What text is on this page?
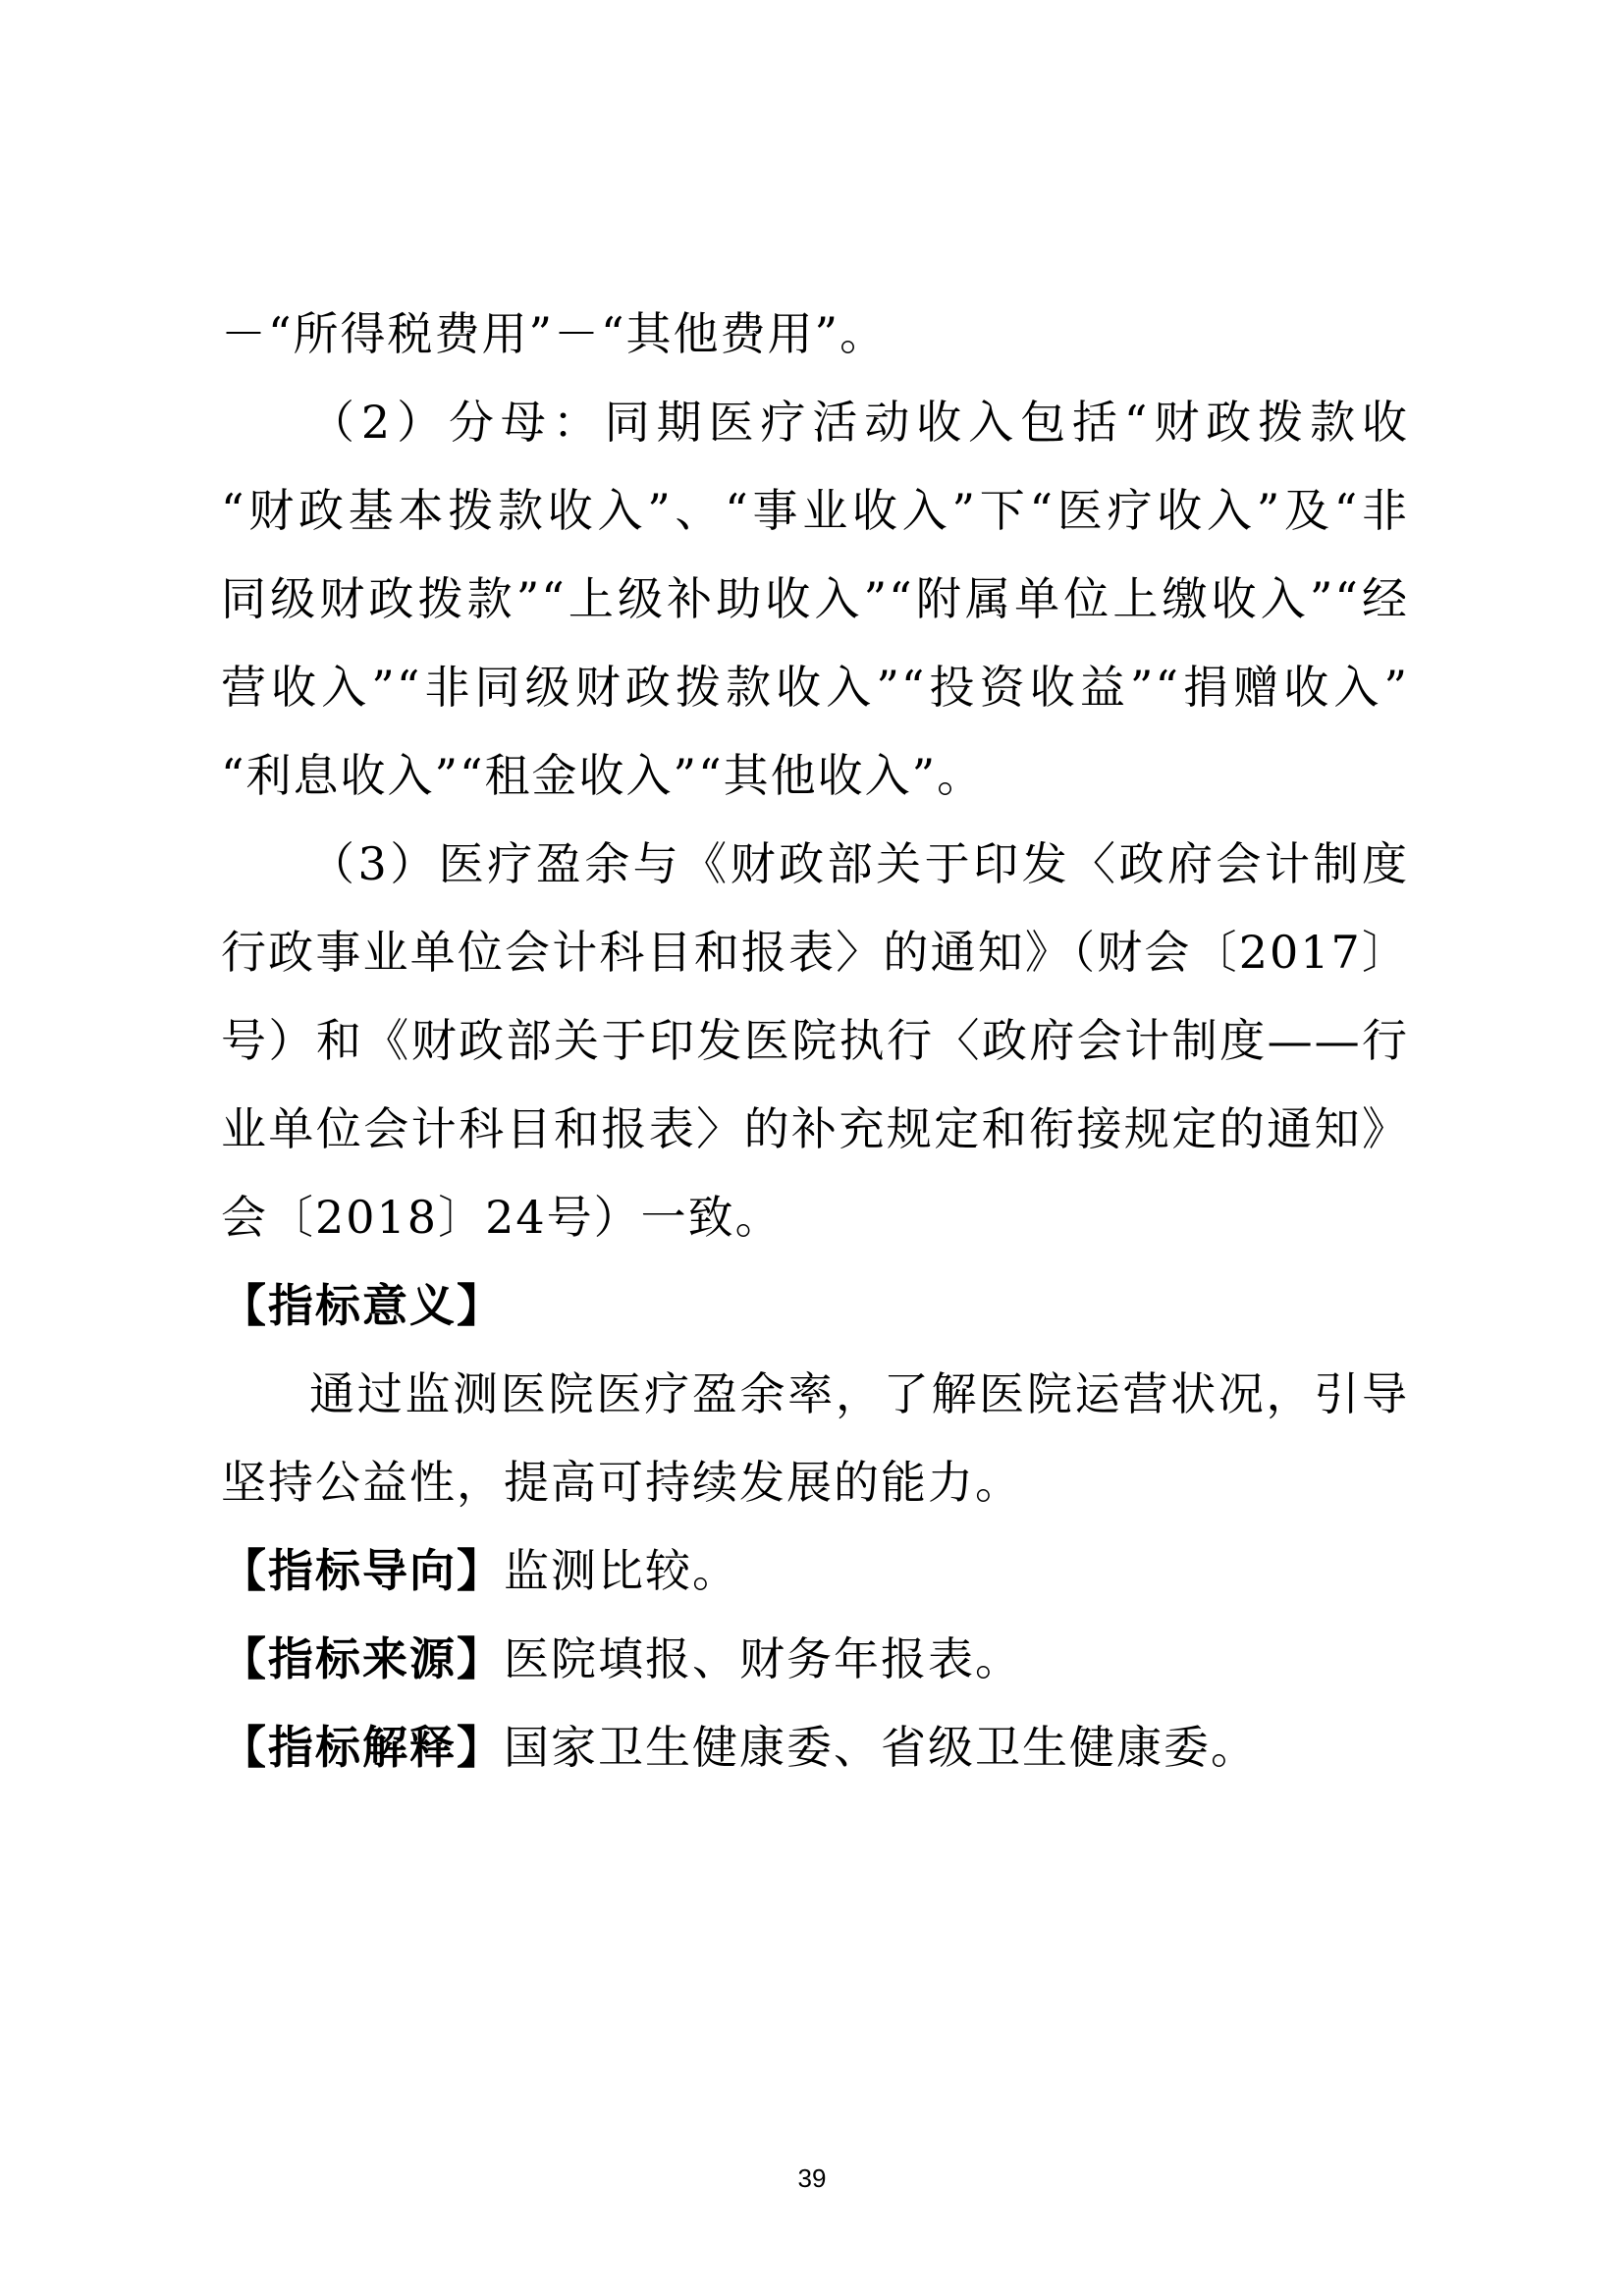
－“所得税费用”－“其他费用”。
（2）分母：同期医疗活动收入包括“财政拨款收
“财政基本拨款收入”、“事业收入”下“医疗收入”及“非
同级财政拨款”“上级补助收入”“附属单位上缴收入”“经
营收入”“非同级财政拨款收入”“投资收益”“捐赠收入”
“利息收入”“租金收入”“其他收入”。
（3）医疗盈余与《财政部关于印发〈政府会计制度
行政事业单位会计科目和报表〉的通知》（财会〔2017〕
号）和《财政部关于印发医院执行〈政府会计制度——行
业单位会计科目和报表〉的补充规定和衔接规定的通知》
会〔2018〕24号）一致。
【指标意义】
通过监测医院医疗盈余率，了解医院运营状况，引导
坚持公益性，提高可持续发展的能力。
【指标导向】监测比较。
【指标来源】医院填报、财务年报表。
【指标解释】国家卫生健康委、省级卫生健康委。
39
